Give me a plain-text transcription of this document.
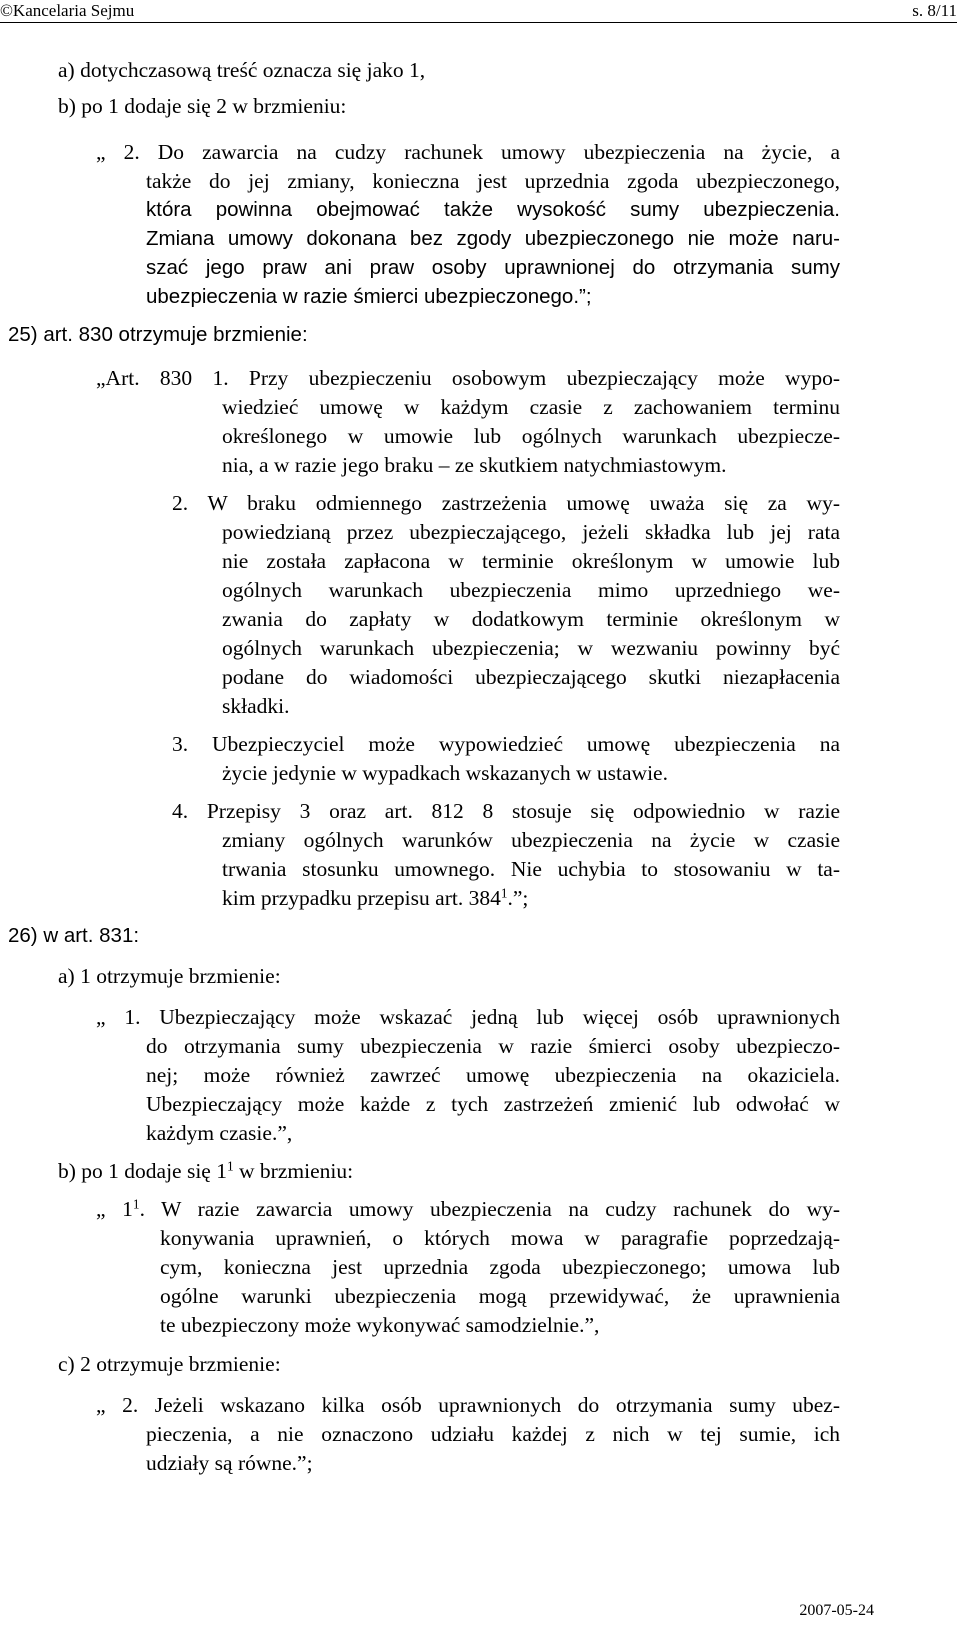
©Kancelaria Sejmu	s. 8/11
a) dotychczasową treść oznacza się jako 1,
b) po 1 dodaje się 2 w brzmieniu:
„ 2. Do zawarcia na cudzy rachunek umowy ubezpieczenia na życie, a
także do jej zmiany, konieczna jest uprzednia zgoda ubezpieczonego,
która powinna obejmować także wysokość sumy ubezpieczenia.
Zmiana umowy dokonana bez zgody ubezpieczonego nie może naru-
szać jego praw ani praw osoby uprawnionej do otrzymania sumy
ubezpieczenia w razie śmierci ubezpieczonego.”;
25) art. 830 otrzymuje brzmienie:
„Art. 830 1. Przy ubezpieczeniu osobowym ubezpieczający może wypo-
wiedzieć umowę w każdym czasie z zachowaniem terminu
określonego w umowie lub ogólnych warunkach ubezpiecze-
nia, a w razie jego braku – ze skutkiem natychmiastowym.
2. W braku odmiennego zastrzeżenia umowę uważa się za wy-
powiedzianą przez ubezpieczającego, jeżeli składka lub jej rata
nie została zapłacona w terminie określonym w umowie lub
ogólnych warunkach ubezpieczenia mimo uprzedniego we-
zwania do zapłaty w dodatkowym terminie określonym w
ogólnych warunkach ubezpieczenia; w wezwaniu powinny być
podane do wiadomości ubezpieczającego skutki niezapłacenia
składki.
3. Ubezpieczyciel może wypowiedzieć umowę ubezpieczenia na
życie jedynie w wypadkach wskazanych w ustawie.
4. Przepisy 3 oraz art. 812 8 stosuje się odpowiednio w razie
zmiany ogólnych warunków ubezpieczenia na życie w czasie
trwania stosunku umownego. Nie uchybia to stosowaniu w ta-
kim przypadku przepisu art. $384^1$.”;
26) w art. 831:
a) 1 otrzymuje brzmienie:
„ 1. Ubezpieczający może wskazać jedną lub więcej osób uprawnionych
do otrzymania sumy ubezpieczenia w razie śmierci osoby ubezpieczo-
nej; może również zawrzeć umowę ubezpieczenia na okaziciela.
Ubezpieczający może każde z tych zastrzeżeń zmienić lub odwołać w
każdym czasie.”,
b) po 1 dodaje się $1^1$ w brzmieniu:
„ $1^1$. W razie zawarcia umowy ubezpieczenia na cudzy rachunek do wy-
konywania uprawnień, o których mowa w paragrafie poprzedzają-
cym, konieczna jest uprzednia zgoda ubezpieczonego; umowa lub
ogólne warunki ubezpieczenia mogą przewidywać, że uprawnienia
te ubezpieczony może wykonywać samodzielnie.”,
c) 2 otrzymuje brzmienie:
„ 2. Jeżeli wskazano kilka osób uprawnionych do otrzymania sumy ubez-
pieczenia, a nie oznaczono udziału każdej z nich w tej sumie, ich
udziały są równe.”;
2007-05-24
